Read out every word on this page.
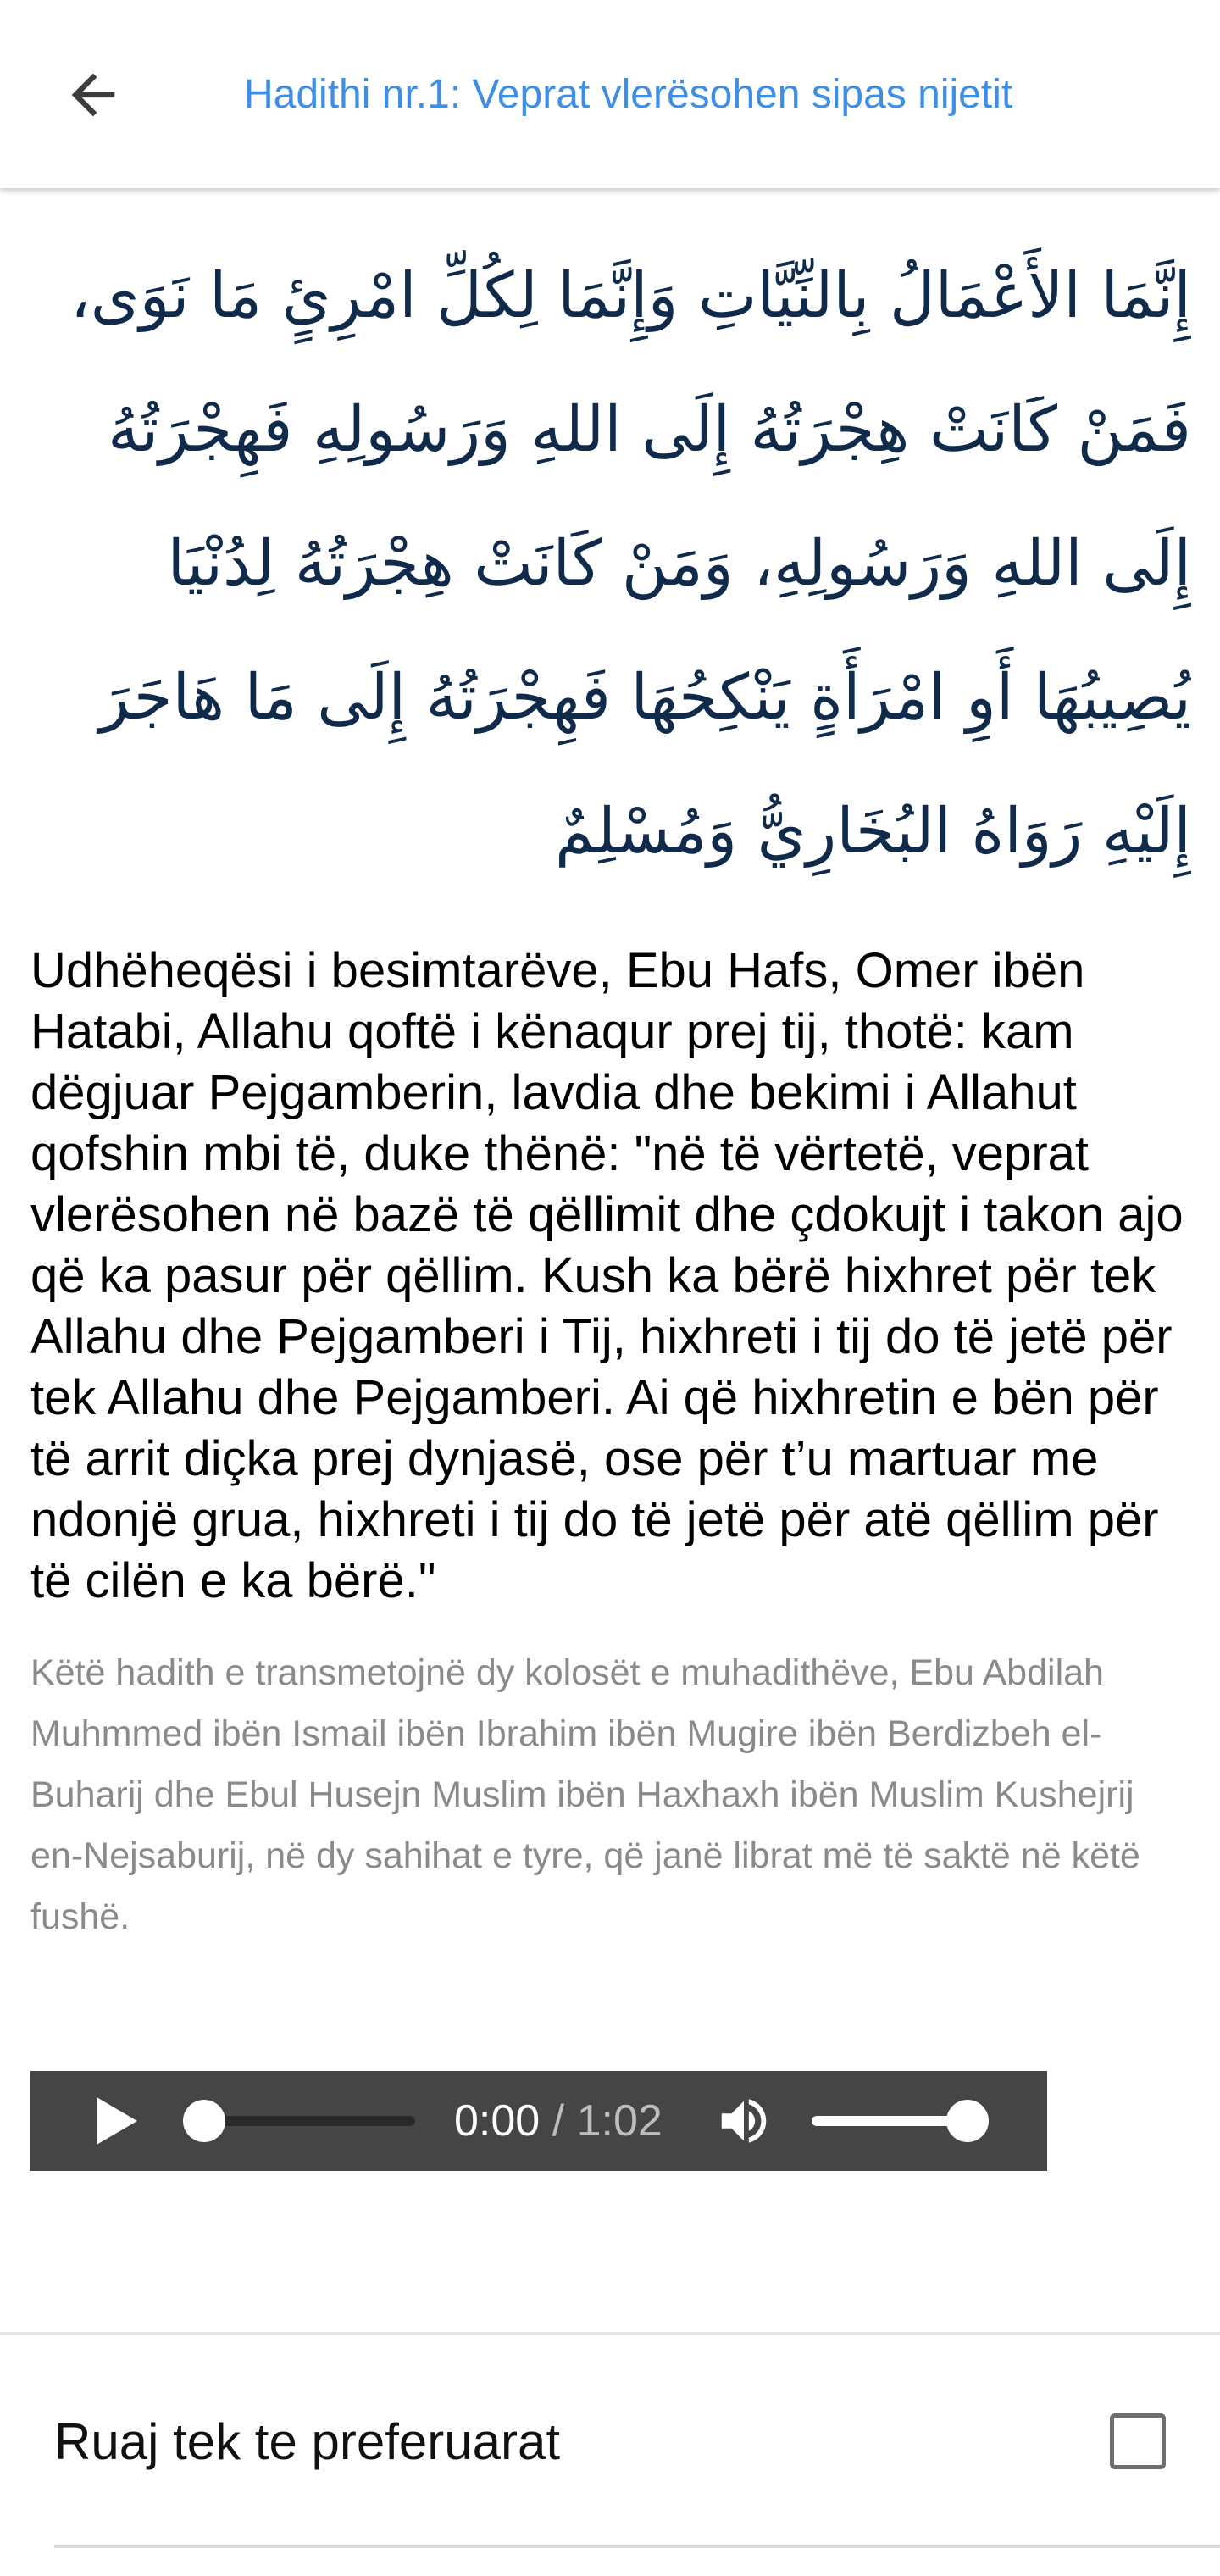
Hadithi nr.1: Veprat vlerësohen sipas nijetit

إِنَّمَا الأَعْمَالُ بِالنِّيَّاتِ وَإِنَّمَا لِكُلِّ امْرِئٍ مَا نَوَى، فَمَنْ كَانَتْ هِجْرَتُهُ إِلَى اللهِ وَرَسُولِهِ فَهِجْرَتُهُ إِلَى اللهِ وَرَسُولِهِ، وَمَنْ كَانَتْ هِجْرَتُهُ لِدُنْيَا يُصِيبُهَا أَوِ امْرَأَةٍ يَنْكِحُهَا فَهِجْرَتُهُ إِلَى مَا هَاجَرَ إِلَيْهِ رَوَاهُ البُخَارِيُّ وَمُسْلِمٌ

Udhëheqësi i besimtarëve, Ebu Hafs, Omer ibën Hatabi, Allahu qoftë i kënaqur prej tij, thotë: kam dëgjuar Pejgamberin, lavdia dhe bekimi i Allahut qofshin mbi të, duke thënë: "në të vërtetë, veprat vlerësohen në bazë të qëllimit dhe çdokujt i takon ajo që ka pasur për qëllim. Kush ka bërë hixhret për tek Allahu dhe Pejgamberi i Tij, hixhreti i tij do të jetë për tek Allahu dhe Pejgamberi. Ai që hixhretin e bën për të arrit diçka prej dynjasë, ose për t’u martuar me ndonjë grua, hixhreti i tij do të jetë për atë qëllim për të cilën e ka bërë."

Këtë hadith e transmetojnë dy kolosët e muhadithëve, Ebu Abdilah Muhmmed ibën Ismail ibën Ibrahim ibën Mugire ibën Berdizbeh el-Buharij dhe Ebul Husejn Muslim ibën Haxhaxh ibën Muslim Kushejrij en-Nejsaburij, në dy sahihat e tyre, që janë librat më të saktë në këtë fushë.

0:00 / 1:02
Ruaj tek te preferuarat
